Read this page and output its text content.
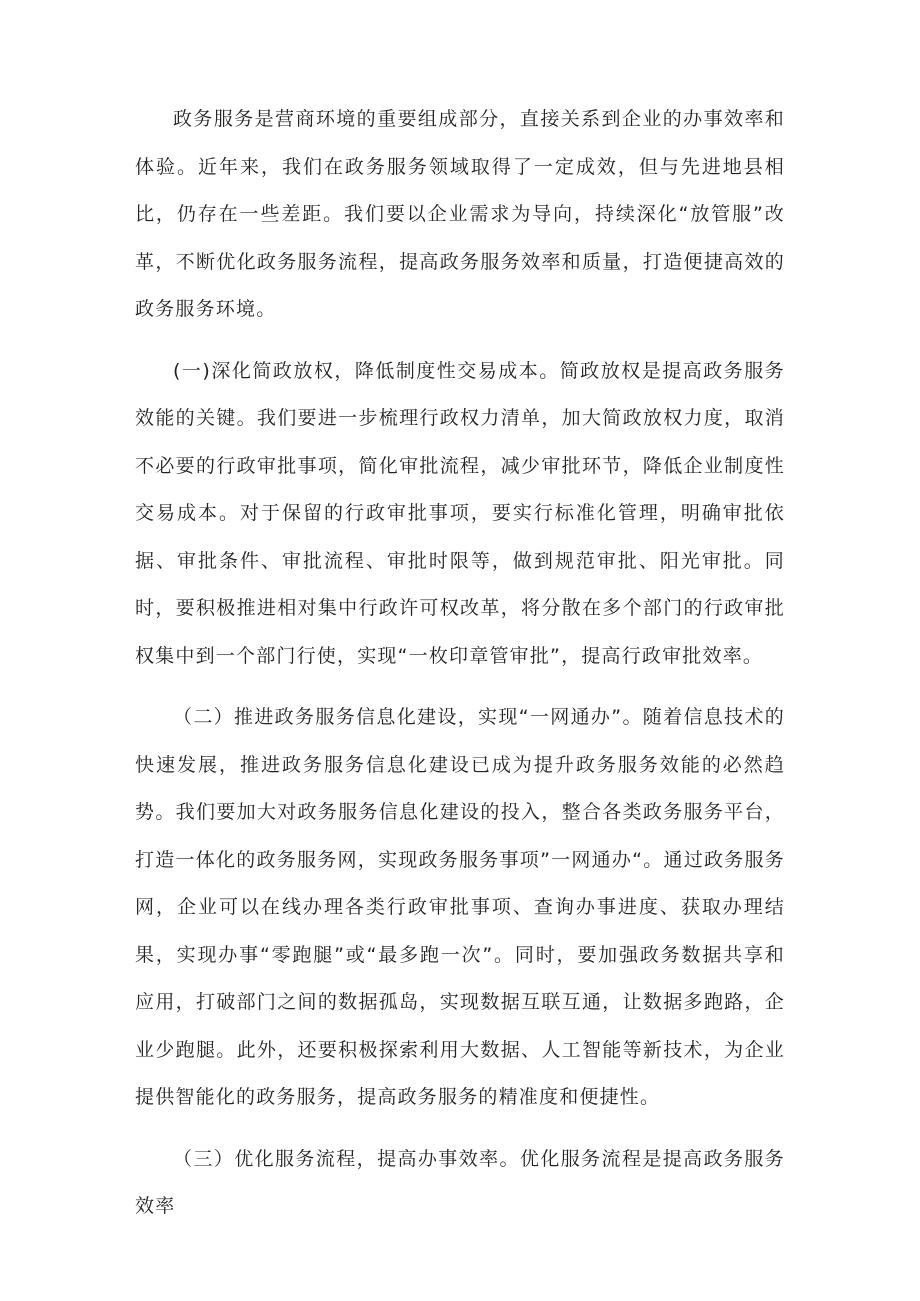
政务服务是营商环境的重要组成部分，直接关系到企业的办事效率和体验。近年来，我们在政务服务领域取得了一定成效，但与先进地县相比，仍存在一些差距。我们要以企业需求为导向，持续深化“放管服”改革，不断优化政务服务流程，提高政务服务效率和质量，打造便捷高效的政务服务环境。

(一)深化简政放权，降低制度性交易成本。简政放权是提高政务服务效能的关键。我们要进一步梳理行政权力清单，加大简政放权力度，取消不必要的行政审批事项，简化审批流程，减少审批环节，降低企业制度性交易成本。对于保留的行政审批事项，要实行标准化管理，明确审批依据、审批条件、审批流程、审批时限等，做到规范审批、阳光审批。同时，要积极推进相对集中行政许可权改革，将分散在多个部门的行政审批权集中到一个部门行使，实现“一枚印章管审批”，提高行政审批效率。

（二）推进政务服务信息化建设，实现“一网通办”。随着信息技术的快速发展，推进政务服务信息化建设已成为提升政务服务效能的必然趋势。我们要加大对政务服务信息化建设的投入，整合各类政务服务平台，打造一体化的政务服务网，实现政务服务事项”一网通办“。通过政务服务网，企业可以在线办理各类行政审批事项、查询办事进度、获取办理结果，实现办事“零跑腿”或“最多跑一次”。同时，要加强政务数据共享和应用，打破部门之间的数据孤岛，实现数据互联互通，让数据多跑路，企业少跑腿。此外，还要积极探索利用大数据、人工智能等新技术，为企业提供智能化的政务服务，提高政务服务的精准度和便捷性。

（三）优化服务流程，提高办事效率。优化服务流程是提高政务服务效率
